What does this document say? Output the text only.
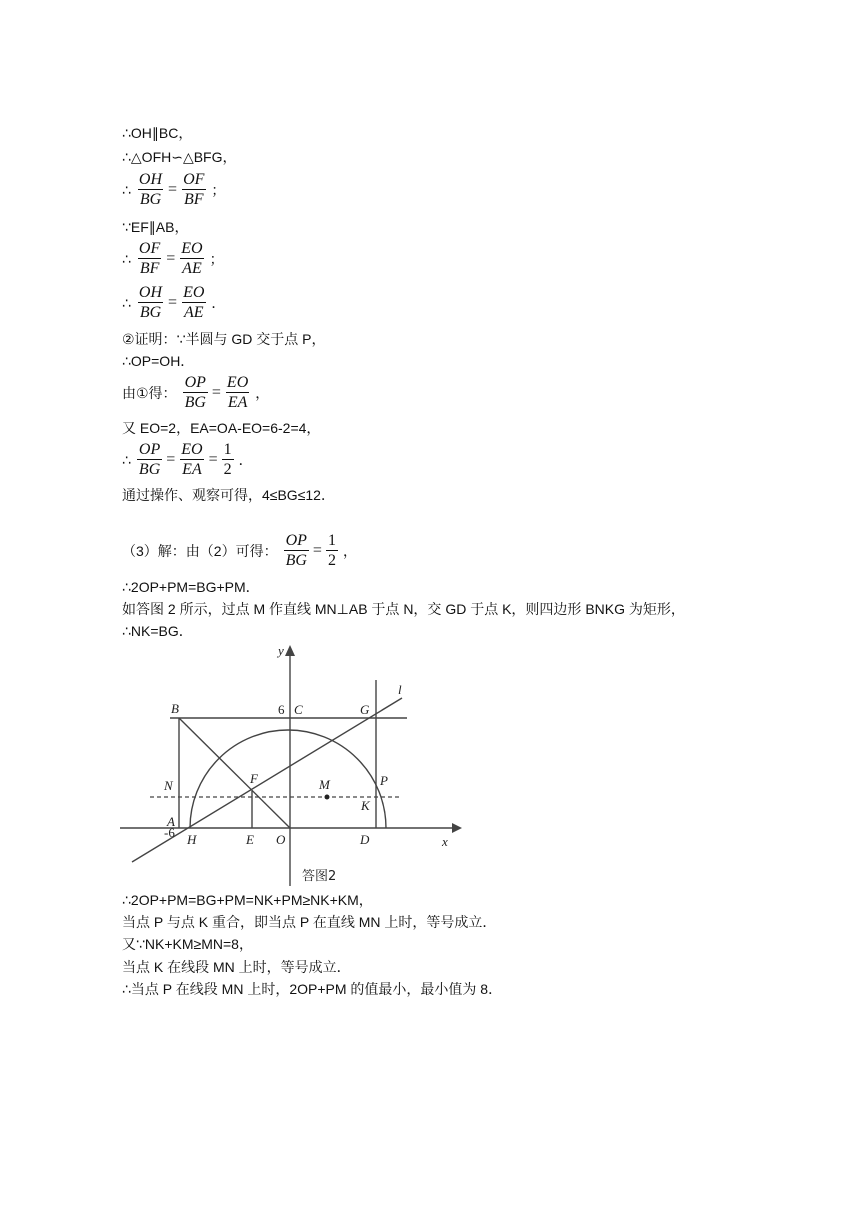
∴OH∥BC，
∴△OFH∽△BFG，
∴ $\frac{OH}{BG} = \frac{OF}{BF}$ ；
∵EF∥AB，
∴ $\frac{OF}{BF} = \frac{EO}{AE}$ ；
∴ $\frac{OH}{BG} = \frac{EO}{AE}$ ．
②证明：∵半圆与 GD 交于点 P，
∴OP=OH．
由①得： $\frac{OP}{BG} = \frac{EO}{EA}$ ，
又 EO=2，EA=OA-EO=6-2=4，
∴ $\frac{OP}{BG} = \frac{EO}{EA} = \frac{1}{2}$ ．
通过操作、观察可得，4≤BG≤12．
（3）解：由（2）可得： $\frac{OP}{BG} = \frac{1}{2}$ ，
∴2OP+PM=BG+PM．
如答图 2 所示，过点 M 作直线 MN⊥AB 于点 N，交 GD 于点 K，则四边形 BNKG 为矩形，
∴NK=BG．
y
l
B	6 C	G
N	F	M	P
K
A
-6 H	E O	D	x
答图2
∴2OP+PM=BG+PM=NK+PM≥NK+KM，
当点 P 与点 K 重合，即当点 P 在直线 MN 上时，等号成立．
又∵NK+KM≥MN=8，
当点 K 在线段 MN 上时，等号成立．
∴当点 P 在线段 MN 上时，2OP+PM 的值最小，最小值为 8．
